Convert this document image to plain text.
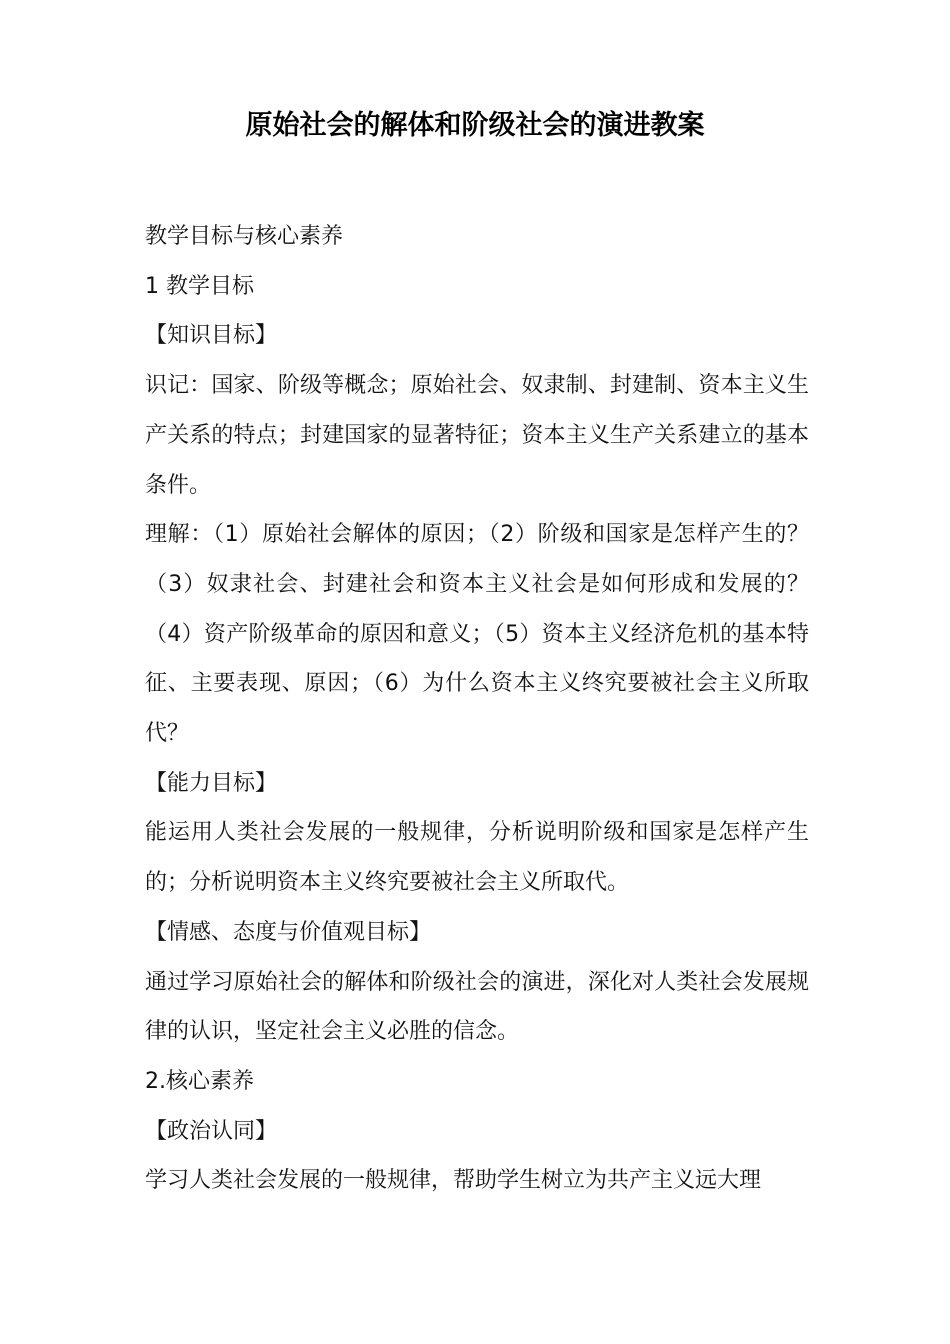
原始社会的解体和阶级社会的演进教案

教学目标与核心素养

1 教学目标

【知识目标】

识记：国家、阶级等概念；原始社会、奴隶制、封建制、资本主义生产关系的特点；封建国家的显著特征；资本主义生产关系建立的基本条件。

理解：（1）原始社会解体的原因；（2）阶级和国家是怎样产生的？（3）奴隶社会、封建社会和资本主义社会是如何形成和发展的？（4）资产阶级革命的原因和意义；（5）资本主义经济危机的基本特征、主要表现、原因；（6）为什么资本主义终究要被社会主义所取代？

【能力目标】

能运用人类社会发展的一般规律，分析说明阶级和国家是怎样产生的；分析说明资本主义终究要被社会主义所取代。

【情感、态度与价值观目标】

通过学习原始社会的解体和阶级社会的演进，深化对人类社会发展规律的认识，坚定社会主义必胜的信念。

2.核心素养

【政治认同】

学习人类社会发展的一般规律，帮助学生树立为共产主义远大理
